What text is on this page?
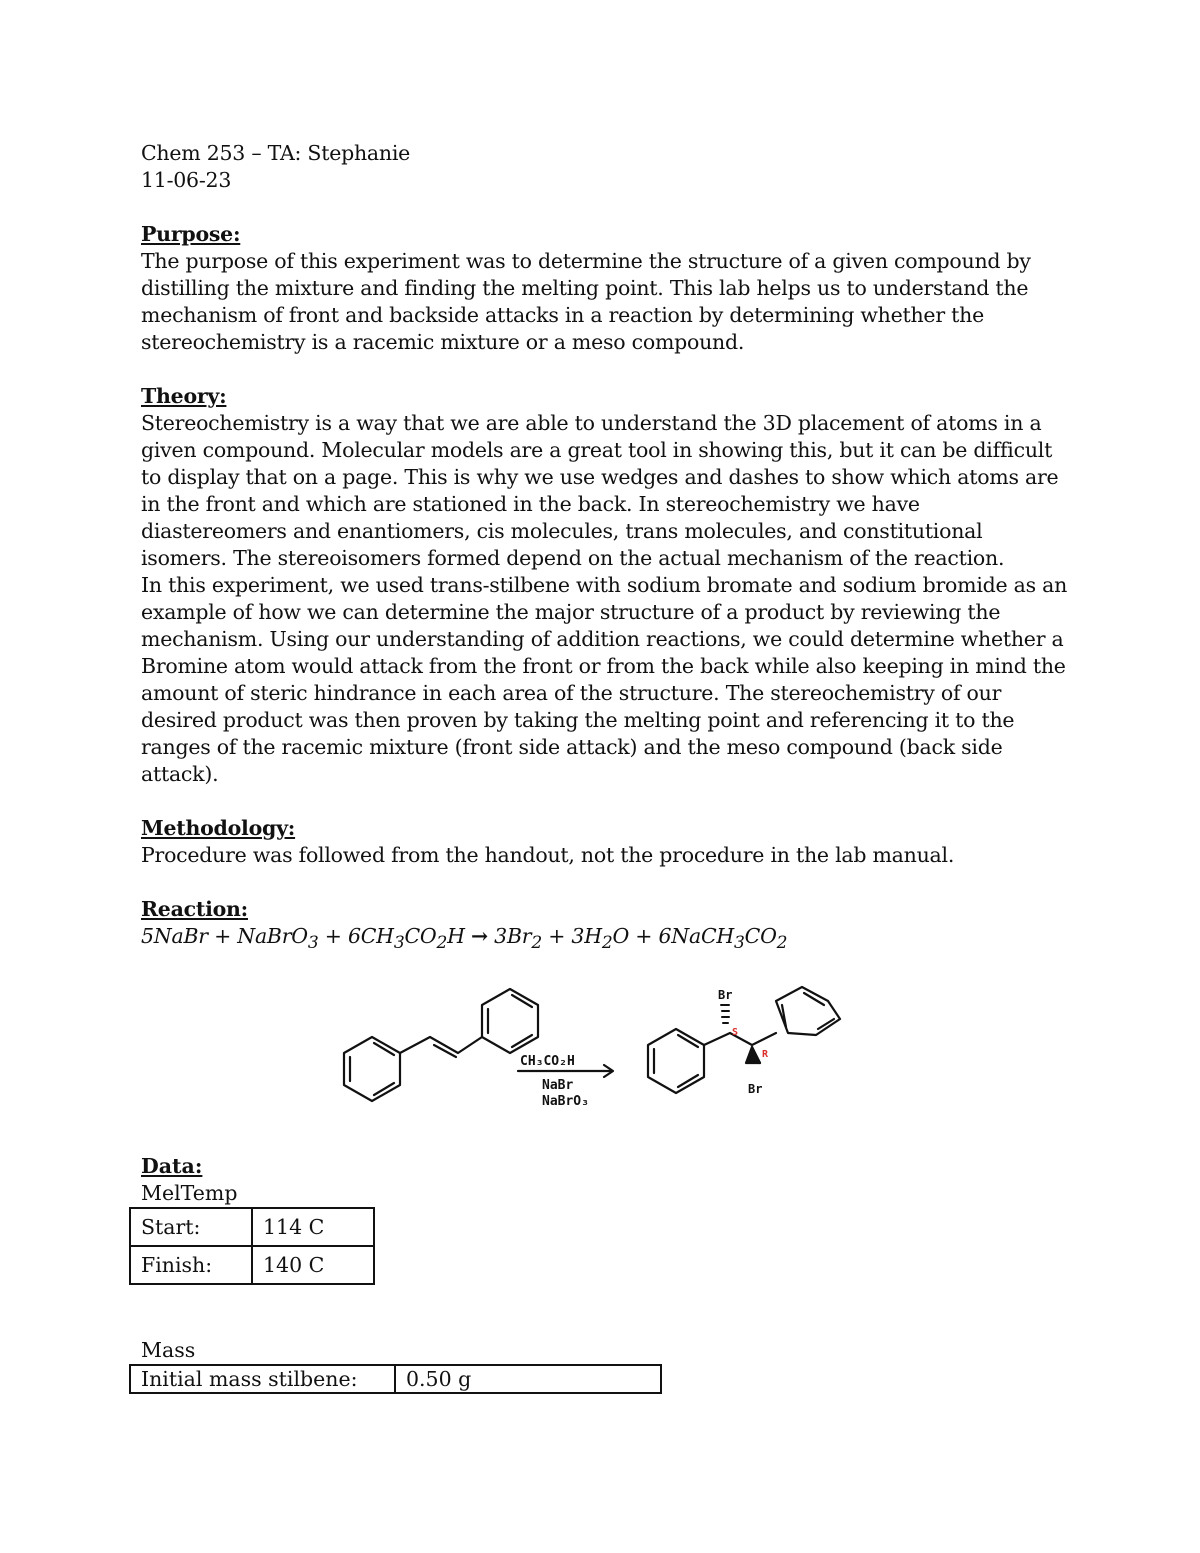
Chem 253 – TA: Stephanie
11-06-23
Purpose:
The purpose of this experiment was to determine the structure of a given compound by distilling the mixture and finding the melting point. This lab helps us to understand the mechanism of front and backside attacks in a reaction by determining whether the stereochemistry is a racemic mixture or a meso compound.
Theory:
Stereochemistry is a way that we are able to understand the 3D placement of atoms in a given compound. Molecular models are a great tool in showing this, but it can be difficult to display that on a page. This is why we use wedges and dashes to show which atoms are in the front and which are stationed in the back. In stereochemistry we have diastereomers and enantiomers, cis molecules, trans molecules, and constitutional isomers. The stereoisomers formed depend on the actual mechanism of the reaction.
In this experiment, we used trans-stilbene with sodium bromate and sodium bromide as an example of how we can determine the major structure of a product by reviewing the mechanism. Using our understanding of addition reactions, we could determine whether a Bromine atom would attack from the front or from the back while also keeping in mind the amount of steric hindrance in each area of the structure. The stereochemistry of our desired product was then proven by taking the melting point and referencing it to the ranges of the racemic mixture (front side attack) and the meso compound (back side attack).
Methodology:
Procedure was followed from the handout, not the procedure in the lab manual.
Reaction:
5NaBr + NaBrO$_3$ + $6CH_3CO_2H \to 3Br_2 + 3H_2O$ + $6NaCH_3CO_2$
CH₃CO₂H
NaBr
NaBrO₃
Br
Br
S
R
Data:
MelTemp
Start:	114 C
Finish:	140 C
Mass
Initial mass stilbene:	0.50 g
